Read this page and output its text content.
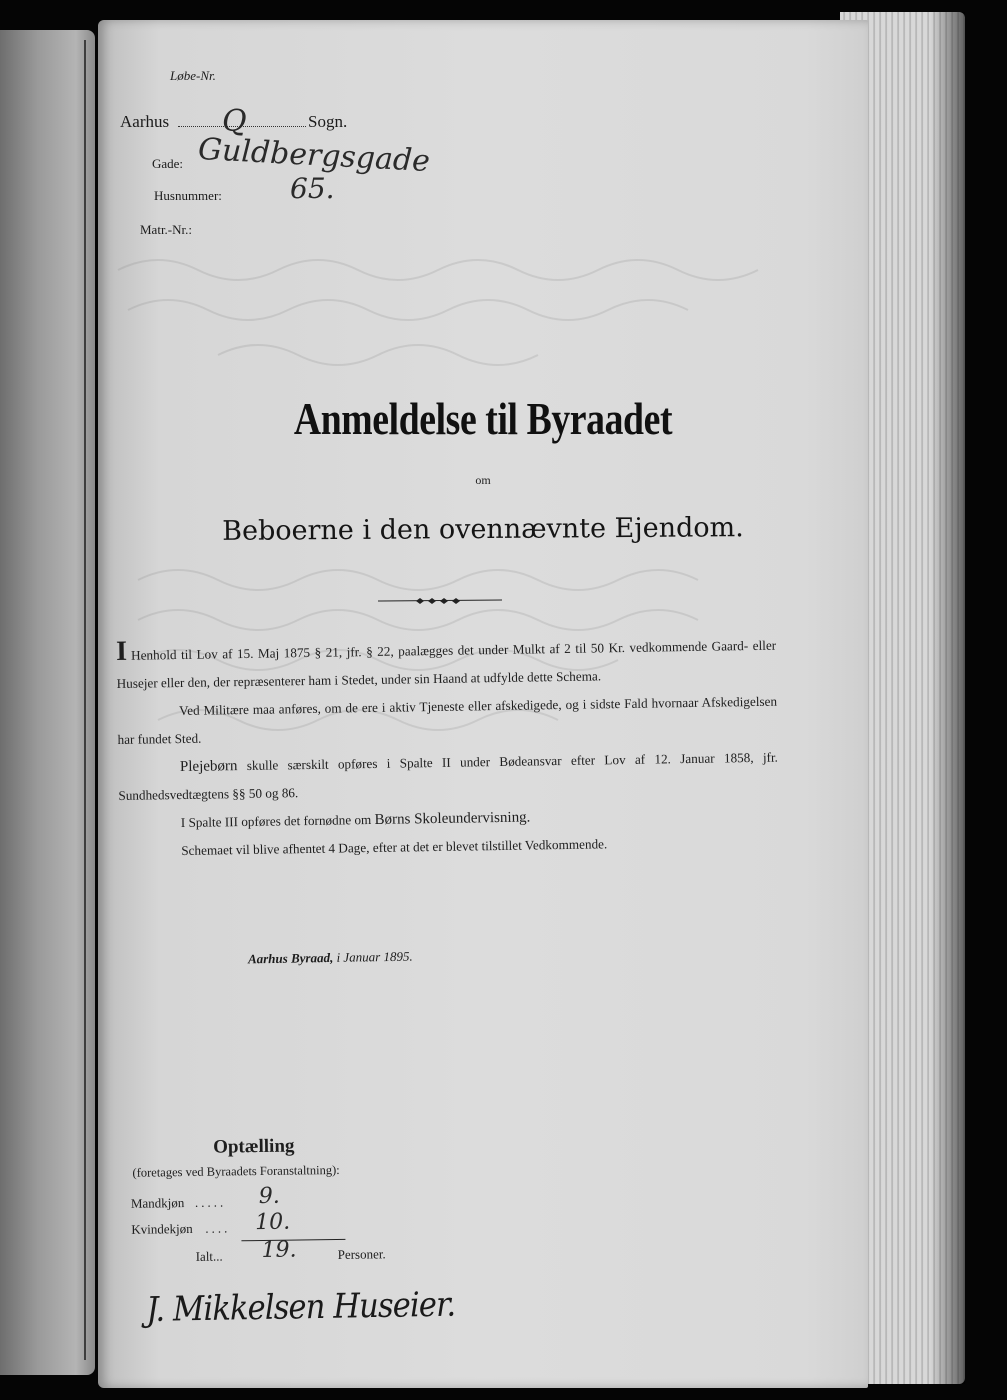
Løbe-Nr.
Aarhus Q	Sogn.
Gade: Guldbergsgade
Husnummer: 65.
Matr.-Nr.:
Anmeldelse til Byraadet
om
Beboerne i den ovennævnte Ejendom.

I Henhold til Lov af 15. Maj 1875 § 21, jfr. § 22, paalægges det under Mulkt af 2 til 50 Kr. vedkommende Gaard- eller Husejer eller den, der repræsenterer ham i Stedet, under sin Haand at udfylde dette Schema.

Ved Militære maa anføres, om de ere i aktiv Tjeneste eller afskedigede, og i sidste Fald hvornaar Afskedigelsen har fundet Sted.

Plejebørn skulle særskilt opføres i Spalte II under Bødeansvar efter Lov af 12. Januar 1858, jfr. Sundhedsvedtægtens §§ 50 og 86.

I Spalte III opføres det fornødne om Børns Skoleundervisning.

Schemaet vil blive afhentet 4 Dage, efter at det er blevet tilstillet Vedkommende.

Aarhus Byraad, i Januar 1895.
Optælling
(foretages ved Byraadets Foranstaltning):
Mandkjøn ..... 9.
Kvindekjøn .... 10.
Ialt... 19.	Personer.
J. Mikkelsen Huseier.
